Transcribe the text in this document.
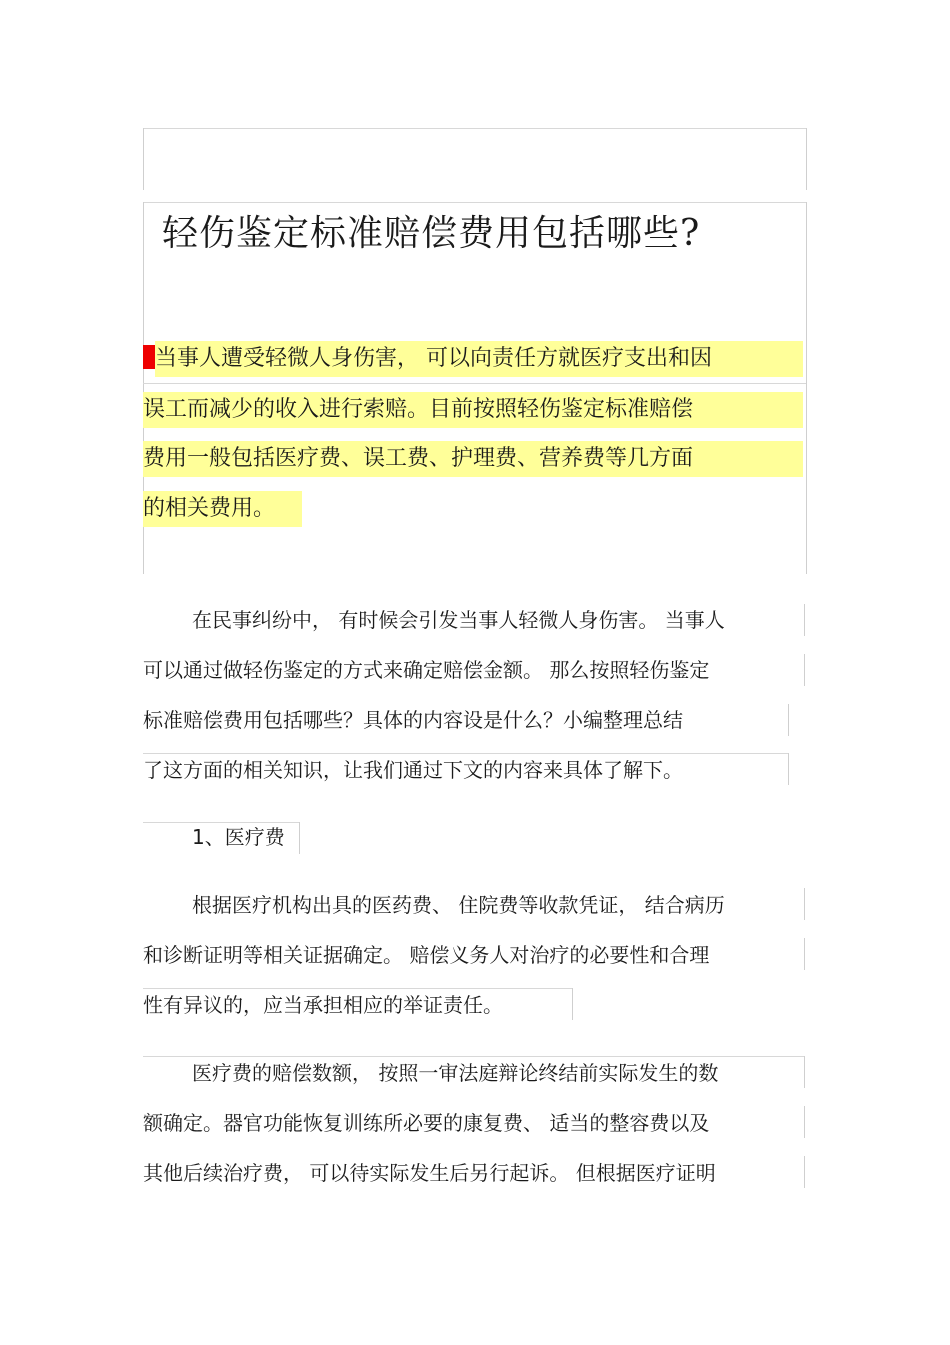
轻伤鉴定标准赔偿费用包括哪些?
当事人遭受轻微人身伤害， 可以向责任方就医疗支出和因
误工而减少的收入进行索赔。目前按照轻伤鉴定标准赔偿
费用一般包括医疗费、误工费、护理费、营养费等几方面
的相关费用。
在民事纠纷中， 有时候会引发当事人轻微人身伤害。 当事人
可以通过做轻伤鉴定的方式来确定赔偿金额。 那么按照轻伤鉴定
标准赔偿费用包括哪些？具体的内容设是什么？小编整理总结
了这方面的相关知识，让我们通过下文的内容来具体了解下。
1、医疗费
根据医疗机构出具的医药费、 住院费等收款凭证， 结合病历
和诊断证明等相关证据确定。 赔偿义务人对治疗的必要性和合理
性有异议的，应当承担相应的举证责任。
医疗费的赔偿数额， 按照一审法庭辩论终结前实际发生的数
额确定。器官功能恢复训练所必要的康复费、 适当的整容费以及
其他后续治疗费， 可以待实际发生后另行起诉。 但根据医疗证明
